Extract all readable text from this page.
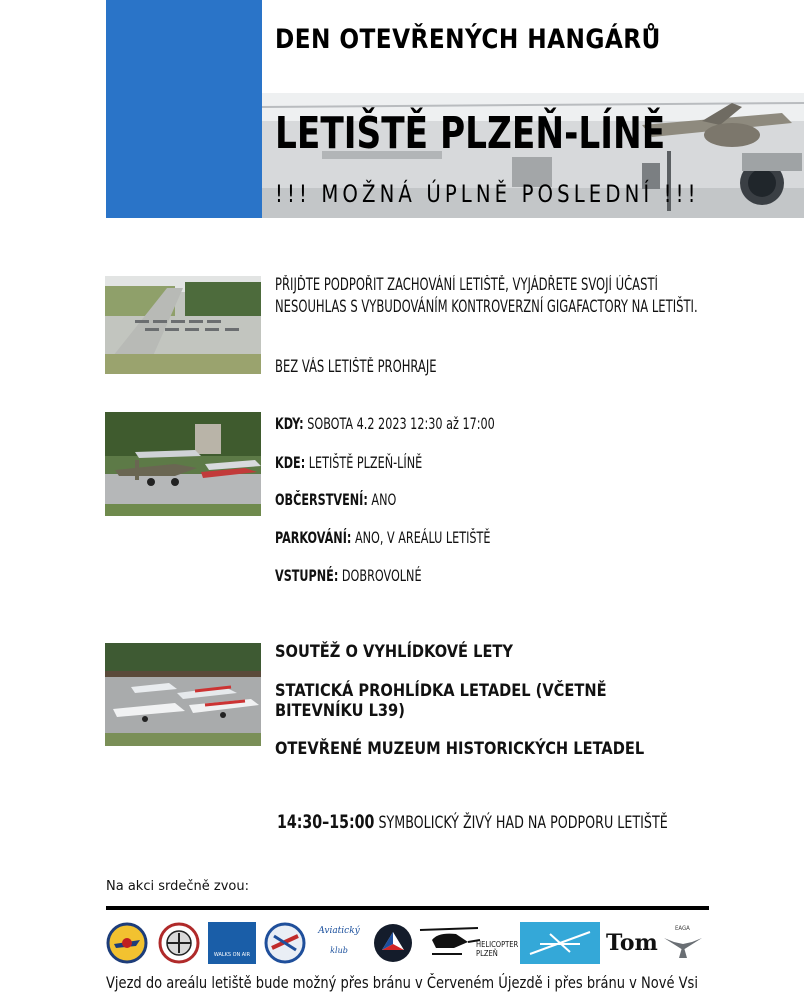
DEN OTEVŘENÝCH HANGÁRŮ
LETIŠTĚ PLZEŇ-LÍNĚ
!!! MOŽNÁ ÚPLNĚ POSLEDNÍ !!!
PŘIJĎTE PODPOŘIT ZACHOVÁNÍ LETIŠTĚ, VYJÁDŘETE SVOJÍ ÚČASTÍ NESOUHLAS S VYBUDOVÁNÍM KONTROVERZNÍ GIGAFACTORY NA LETIŠTI.
BEZ VÁS LETIŠTĚ PROHRAJE
KDY: SOBOTA 4.2 2023 12:30 až 17:00
KDE: LETIŠTĚ PLZEŇ-LÍNĚ
OBČERSTVENÍ: ANO
PARKOVÁNÍ: ANO, V AREÁLU LETIŠTĚ
VSTUPNÉ: DOBROVOLNÉ
SOUTĚŽ O VYHLÍDKOVÉ LETY
STATICKÁ PROHLÍDKA LETADEL (VČETNĚ
BITEVNÍKU L39)
OTEVŘENÉ MUZEUM HISTORICKÝCH LETADEL
14:30–15:00 SYMBOLICKÝ ŽIVÝ HAD NA PODPORU LETIŠTĚ
Na akci srdečně zvou:
WALKS ON AIR
Aviatický
klub
HELICOPTER
PLZEŇ	Tom
EAGA
Vjezd do areálu letiště bude možný přes bránu v Červeném Újezdě i přes bránu v Nové Vsi
